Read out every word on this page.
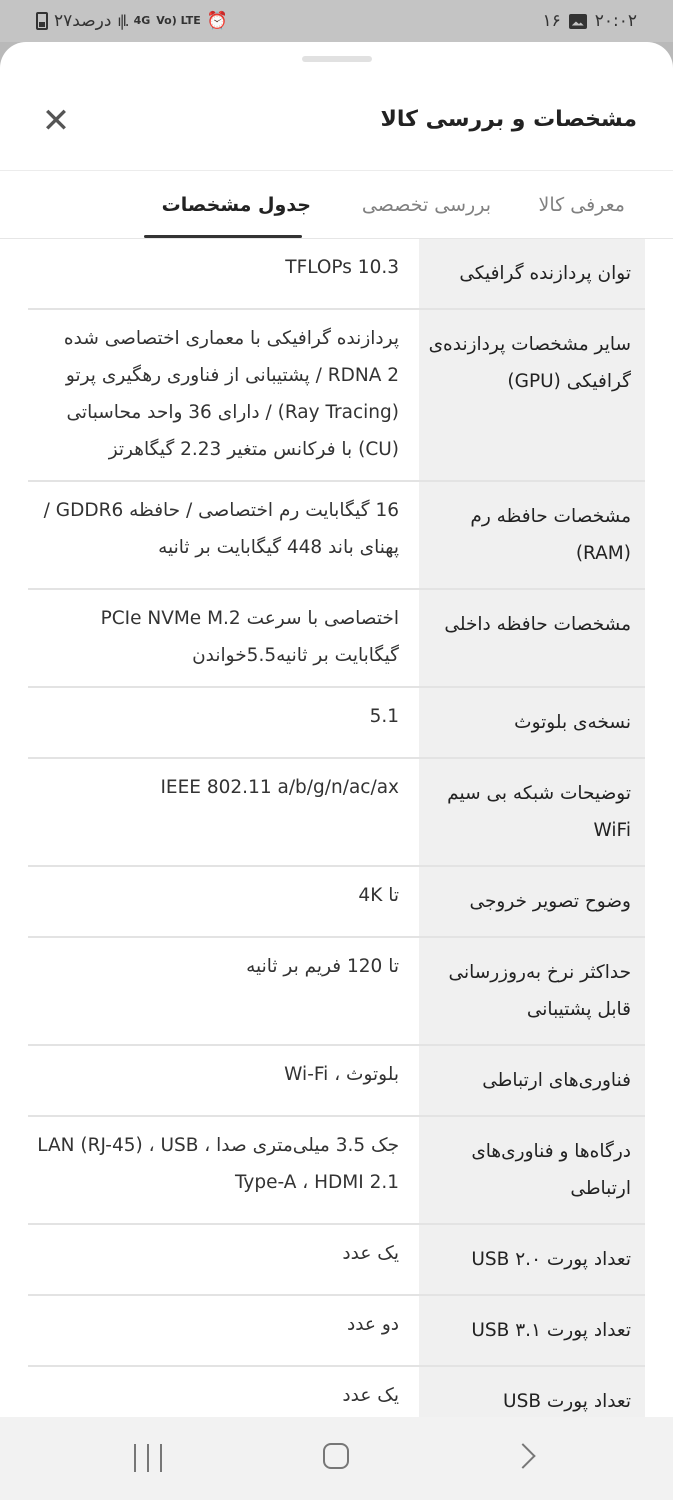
۲۷درصد ı|l. 4G Vo) LTE ⏰	۱۶ ۲۰:۰۲
✕	مشخصات و بررسی کالا
معرفی کالا
بررسی تخصصی
جدول مشخصات
توان پردازنده گرافیکی
10.3 TFLOPs
سایر مشخصات پردازنده‌ی گرافیکی (GPU)
پردازنده گرافیکی با معماری اختصاصی شده RDNA 2 / پشتیبانی از فناوری رهگیری پرتو (Ray Tracing) / دارای 36 واحد محاسباتی (CU) با فرکانس متغیر 2.23 گیگاهرتز
مشخصات حافظه رم (RAM)
16 گیگابایت رم اختصاصی / حافظه GDDR6 / پهنای باند 448 گیگابایت بر ثانیه
مشخصات حافظه داخلی
اختصاصی با سرعت PCIe NVMe M.2 گیگابایت بر ثانیه5.5خواندن
نسخه‌ی بلوتوث
5.1
توضیحات شبکه بی سیم WiFi
IEEE 802.11 a/b/g/n/ac/ax
وضوح تصویر خروجی
تا 4K
حداکثر نرخ به‌روزرسانی قابل پشتیبانی
تا 120 فریم بر ثانیه
فناوری‌های ارتباطی
بلوتوث ، Wi-Fi
درگاه‌ها و فناوری‌های ارتباطی
جک 3.5 میلی‌متری صدا ، LAN (RJ-45) ، USB Type-A ، HDMI 2.1
تعداد پورت USB ۲.۰
یک عدد
تعداد پورت USB ۳.۱
دو عدد
تعداد پورت USB
یک عدد
